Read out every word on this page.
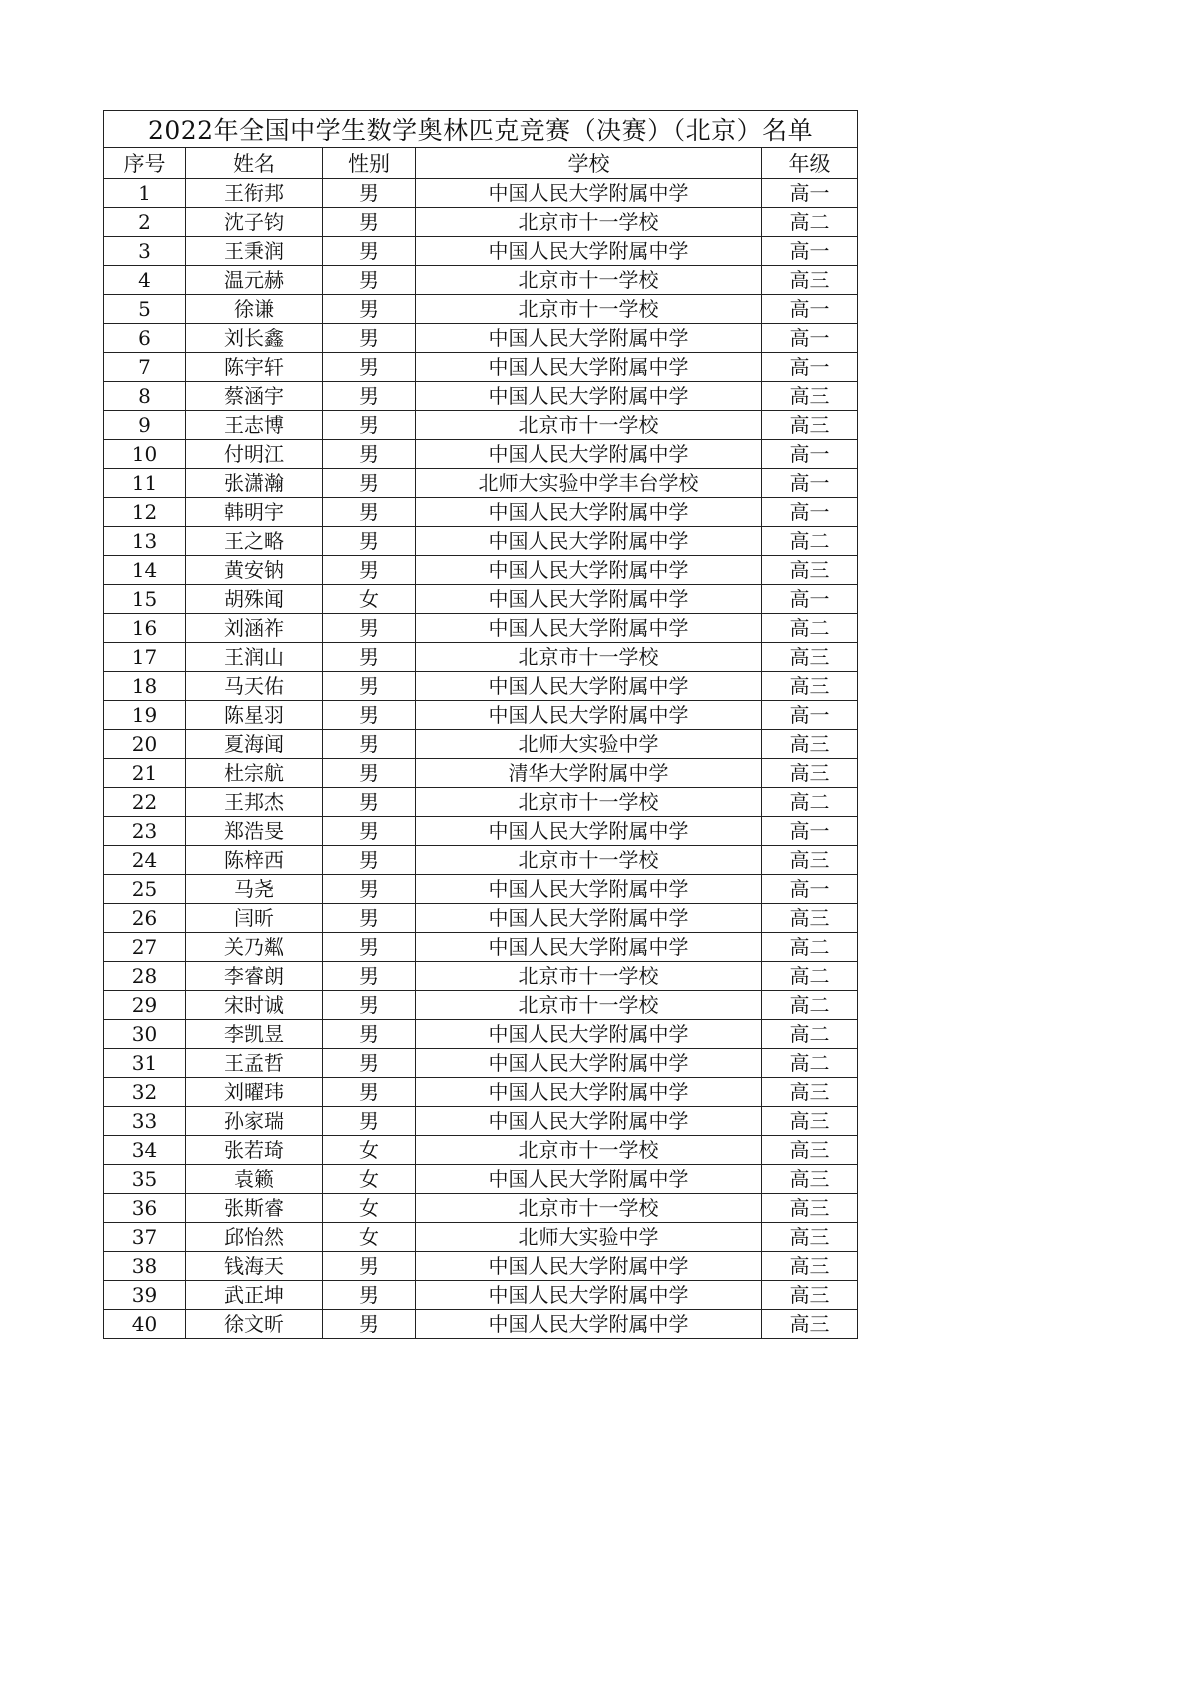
2022年全国中学生数学奥林匹克竞赛（决赛）（北京）名单				
序号	姓名	性别	学校	年级
1	王衔邦	男	中国人民大学附属中学	高一
2	沈子钧	男	北京市十一学校	高二
3	王秉润	男	中国人民大学附属中学	高一
4	温元赫	男	北京市十一学校	高三
5	徐谦	男	北京市十一学校	高一
6	刘长鑫	男	中国人民大学附属中学	高一
7	陈宇轩	男	中国人民大学附属中学	高一
8	蔡涵宇	男	中国人民大学附属中学	高三
9	王志博	男	北京市十一学校	高三
10	付明江	男	中国人民大学附属中学	高一
11	张潇瀚	男	北师大实验中学丰台学校	高一
12	韩明宇	男	中国人民大学附属中学	高一
13	王之略	男	中国人民大学附属中学	高二
14	黄安钠	男	中国人民大学附属中学	高三
15	胡殊闻	女	中国人民大学附属中学	高一
16	刘涵祚	男	中国人民大学附属中学	高二
17	王润山	男	北京市十一学校	高三
18	马天佑	男	中国人民大学附属中学	高三
19	陈星羽	男	中国人民大学附属中学	高一
20	夏海闻	男	北师大实验中学	高三
21	杜宗航	男	清华大学附属中学	高三
22	王邦杰	男	北京市十一学校	高二
23	郑浩旻	男	中国人民大学附属中学	高一
24	陈梓西	男	北京市十一学校	高三
25	马尧	男	中国人民大学附属中学	高一
26	闫昕	男	中国人民大学附属中学	高三
27	关乃粼	男	中国人民大学附属中学	高二
28	李睿朗	男	北京市十一学校	高二
29	宋时诚	男	北京市十一学校	高二
30	李凯昱	男	中国人民大学附属中学	高二
31	王孟哲	男	中国人民大学附属中学	高二
32	刘曜玮	男	中国人民大学附属中学	高三
33	孙家瑞	男	中国人民大学附属中学	高三
34	张若琦	女	北京市十一学校	高三
35	袁籁	女	中国人民大学附属中学	高三
36	张斯睿	女	北京市十一学校	高三
37	邱怡然	女	北师大实验中学	高三
38	钱海天	男	中国人民大学附属中学	高三
39	武正坤	男	中国人民大学附属中学	高三
40	徐文昕	男	中国人民大学附属中学	高三
